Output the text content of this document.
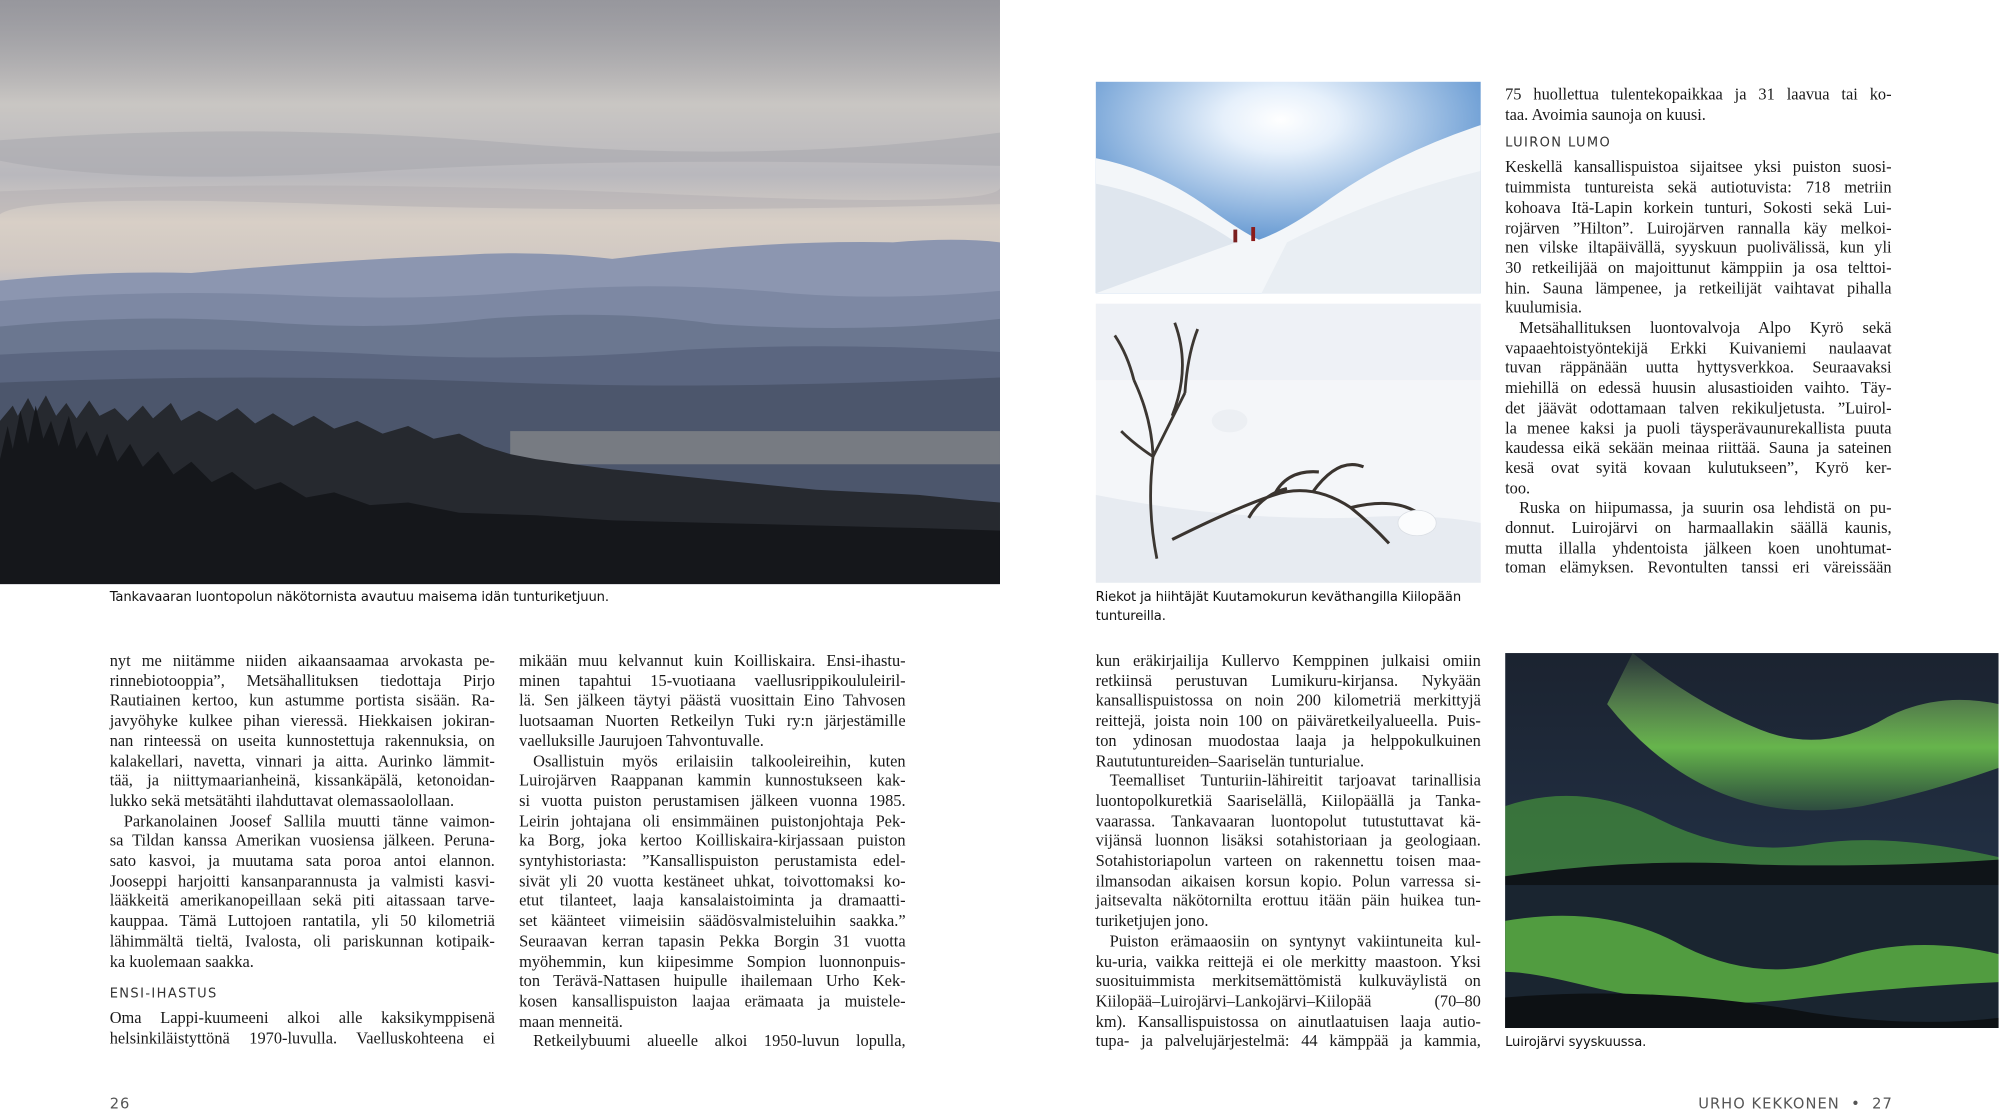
Tankavaaran luontopolun näkötornista avautuu maisema idän tunturiketjuun.	Riekot ja hiihtäjät Kuutamokurun keväthangilla Kiilopään tuntureilla.
Luirojärvi syyskuussa.

nyt me niitämme niiden aikaansaamaa arvokasta pe-

rinnebiotooppia”, Metsähallituksen tiedottaja Pirjo

Rautiainen kertoo, kun astumme portista sisään. Ra-

javyöhyke kulkee pihan vieressä. Hiekkaisen jokiran-

nan rinteessä on useita kunnostettuja rakennuksia, on

kalakellari, navetta, vinnari ja aitta. Aurinko lämmit-

tää, ja niittymaarianheinä, kissankäpälä, ketonoidan-

lukko sekä metsätähti ilahduttavat olemassaolollaan.

Parkanolainen Joosef Sallila muutti tänne vaimon-

sa Tildan kanssa Amerikan vuosiensa jälkeen. Peruna-

sato kasvoi, ja muutama sata poroa antoi elannon.

Jooseppi harjoitti kansanparannusta ja valmisti kasvi-

lääkkeitä amerikanopeillaan sekä piti aitassaan tarve-

kauppaa. Tämä Luttojoen rantatila, yli 50 kilometriä

lähimmältä tieltä, Ivalosta, oli pariskunnan kotipaik-

ka kuolemaan saakka.

ENSI-IHASTUS

Oma Lappi-kuumeeni alkoi alle kaksikymppisenä

helsinkiläistyttönä 1970-luvulla. Vaelluskohteena ei

mikään muu kelvannut kuin Koilliskaira. Ensi-ihastu-

minen tapahtui 15-vuotiaana vaellusrippikoululeiril-

lä. Sen jälkeen täytyi päästä vuosittain Eino Tahvosen

luotsaaman Nuorten Retkeilyn Tuki ry:n järjestämille

vaelluksille Jaurujoen Tahvontuvalle.

Osallistuin myös erilaisiin talkooleireihin, kuten

Luirojärven Raappanan kammin kunnostukseen kak-

si vuotta puiston perustamisen jälkeen vuonna 1985.

Leirin johtajana oli ensimmäinen puistonjohtaja Pek-

ka Borg, joka kertoo Koilliskaira-kirjassaan puiston

syntyhistoriasta: ”Kansallispuiston perustamista edel-

sivät yli 20 vuotta kestäneet uhkat, toivottomaksi ko-

etut tilanteet, laaja kansalaistoiminta ja dramaatti-

set käänteet viimeisiin säädösvalmisteluihin saakka.”

Seuraavan kerran tapasin Pekka Borgin 31 vuotta

myöhemmin, kun kiipesimme Sompion luonnonpuis-

ton Terävä-Nattasen huipulle ihailemaan Urho Kek-

kosen kansallispuiston laajaa erämaata ja muistele-

maan menneitä.

Retkeilybuumi alueelle alkoi 1950-luvun lopulla,

kun eräkirjailija Kullervo Kemppinen julkaisi omiin

retkiinsä perustuvan Lumikuru-kirjansa. Nykyään

kansallispuistossa on noin 200 kilometriä merkittyjä

reittejä, joista noin 100 on päiväretkeilyalueella. Puis-

ton ydinosan muodostaa laaja ja helppokulkuinen

Raututuntureiden–Saariselän tunturialue.

Teemalliset Tunturiin-lähireitit tarjoavat tarinallisia

luontopolkuretkiä Saariselällä, Kiilopäällä ja Tanka-

vaarassa. Tankavaaran luontopolut tutustuttavat kä-

vijänsä luonnon lisäksi sotahistoriaan ja geologiaan.

Sotahistoriapolun varteen on rakennettu toisen maa-

ilmansodan aikaisen korsun kopio. Polun varressa si-

jaitsevalta näkötornilta erottuu itään päin huikea tun-

turiketjujen jono.

Puiston erämaaosiin on syntynyt vakiintuneita kul-

ku-uria, vaikka reittejä ei ole merkitty maastoon. Yksi

suosituimmista merkitsemättömistä kulkuväylistä on

Kiilopää–Luirojärvi–Lankojärvi–Kiilopää (70–80

km). Kansallispuistossa on ainutlaatuisen laaja autio-

tupa- ja palvelujärjestelmä: 44 kämppää ja kammia,

75 huollettua tulentekopaikkaa ja 31 laavua tai ko-

taa. Avoimia saunoja on kuusi.

LUIRON LUMO

Keskellä kansallispuistoa sijaitsee yksi puiston suosi-

tuimmista tuntureista sekä autiotuvista: 718 metriin

kohoava Itä-Lapin korkein tunturi, Sokosti sekä Lui-

rojärven ”Hilton”. Luirojärven rannalla käy melkoi-

nen vilske iltapäivällä, syyskuun puolivälissä, kun yli

30 retkeilijää on majoittunut kämppiin ja osa telttoi-

hin. Sauna lämpenee, ja retkeilijät vaihtavat pihalla

kuulumisia.

Metsähallituksen luontovalvoja Alpo Kyrö sekä

vapaaehtoistyöntekijä Erkki Kuivaniemi naulaavat

tuvan räppänään uutta hyttysverkkoa. Seuraavaksi

miehillä on edessä huusin alusastioiden vaihto. Täy-

det jäävät odottamaan talven rekikuljetusta. ”Luirol-

la menee kaksi ja puoli täysperävaunurekallista puuta

kaudessa eikä sekään meinaa riittää. Sauna ja sateinen

kesä ovat syitä kovaan kulutukseen”, Kyrö ker-

too.

Ruska on hiipumassa, ja suurin osa lehdistä on pu-

donnut. Luirojärvi on harmaallakin säällä kaunis,

mutta illalla yhdentoista jälkeen koen unohtumat-

toman elämyksen. Revontulten tanssi eri väreissään

26	URHO KEKKONEN  •  27
